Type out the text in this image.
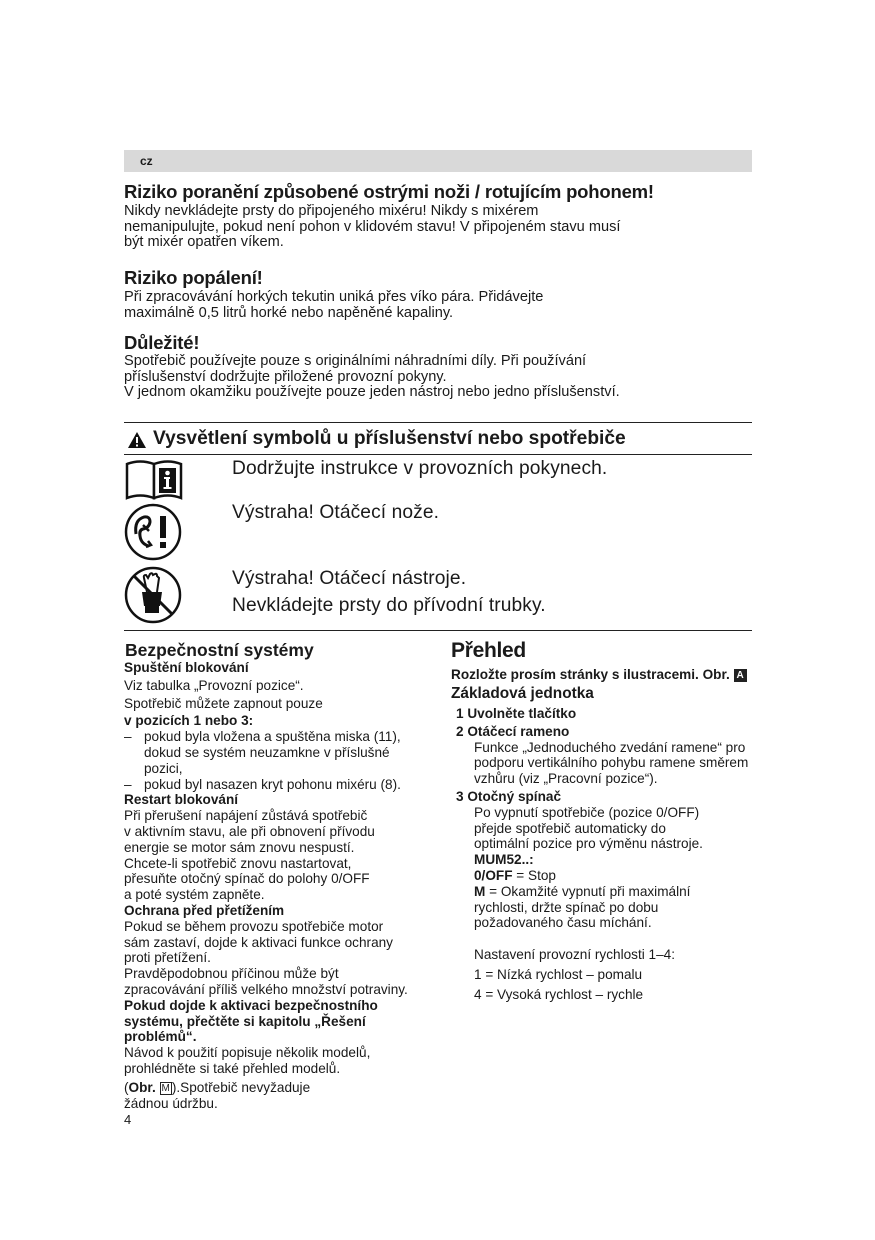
cz
Riziko poranění způsobené ostrými noži / rotujícím pohonem!
Nikdy nevkládejte prsty do připojeného mixéru! Nikdy s mixérem
nemanipulujte, pokud není pohon v klidovém stavu! V připojeném stavu musí
být mixér opatřen víkem.
Riziko popálení!
Při zpracovávání horkých tekutin uniká přes víko pára. Přidávejte
maximálně 0,5 litrů horké nebo napěněné kapaliny.
Důležité!
Spotřebič používejte pouze s originálními náhradními díly. Při používání
příslušenství dodržujte přiložené provozní pokyny.
V jednom okamžiku používejte pouze jeden nástroj nebo jedno příslušenství.
Vysvětlení symbolů u příslušenství nebo spotřebiče
Dodržujte instrukce v provozních pokynech.
Výstraha! Otáčecí nože.
Výstraha! Otáčecí nástroje.
Nevkládejte prsty do přívodní trubky.
Bezpečnostní systémy
Spuštění blokování
Viz tabulka „Provozní pozice“.
Spotřebič můžete zapnout pouze
v pozicích 1 nebo 3:
– pokud byla vložena a spuštěna miska (11),
dokud se systém neuzamkne v příslušné
pozici,
– pokud byl nasazen kryt pohonu mixéru (8).
Restart blokování
Při přerušení napájení zůstává spotřebič
v aktivním stavu, ale při obnovení přívodu
energie se motor sám znovu nespustí.
Chcete-li spotřebič znovu nastartovat,
přesuňte otočný spínač do polohy 0/OFF
a poté systém zapněte.
Ochrana před přetížením
Pokud se během provozu spotřebiče motor
sám zastaví, dojde k aktivaci funkce ochrany
proti přetížení.
Pravděpodobnou příčinou může být
zpracovávání příliš velkého množství potraviny.
Pokud dojde k aktivaci bezpečnostního
systému, přečtěte si kapitolu „Řešení
problémů“.
Návod k použití popisuje několik modelů,
prohlédněte si také přehled modelů.
(Obr. M ).Spotřebič nevyžaduje
žádnou údržbu.
Přehled
Rozložte prosím stránky s ilustracemi. Obr. A
Základová jednotka
1 Uvolněte tlačítko
2 Otáčecí rameno
Funkce „Jednoduchého zvedání ramene“ pro
podporu vertikálního pohybu ramene směrem
vzhůru (viz „Pracovní pozice“).
3 Otočný spínač
Po vypnutí spotřebiče (pozice 0/OFF)
přejde spotřebič automaticky do
optimální pozice pro výměnu nástroje.
MUM52..:
0/OFF = Stop
M = Okamžité vypnutí při maximální
rychlosti, držte spínač po dobu
požadovaného času míchání.
Nastavení provozní rychlosti 1–4:
1 = Nízká rychlost – pomalu
4 = Vysoká rychlost – rychle
4
